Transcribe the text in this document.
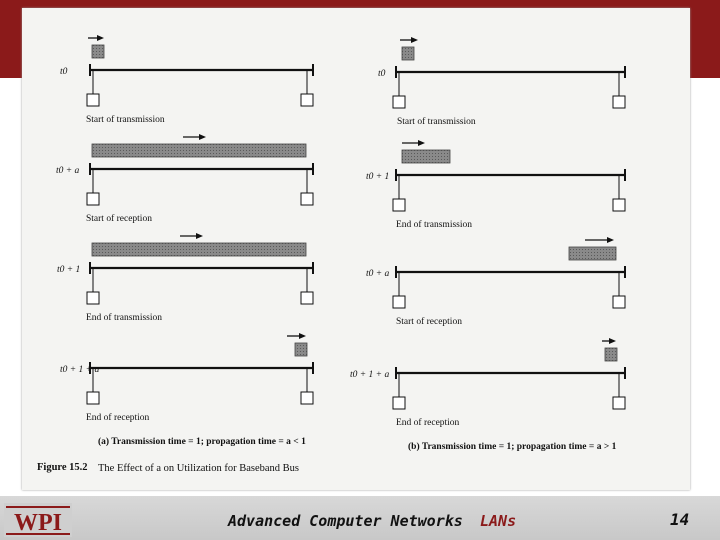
t0
Start of transmission
t0 + a
Start of reception
t0 + 1
End of transmission
t0 + 1 + a
End of reception
t0
Start of transmission
t0 + 1
End of transmission
t0 + a
Start of reception
t0 + 1 + a
End of reception
(a) Transmission time = 1; propagation time = a < 1	(b) Transmission time = 1; propagation time = a > 1
Figure 15.2 The Effect of a on Utilization for Baseband Bus
WPI	Advanced Computer Networks LANs	14
